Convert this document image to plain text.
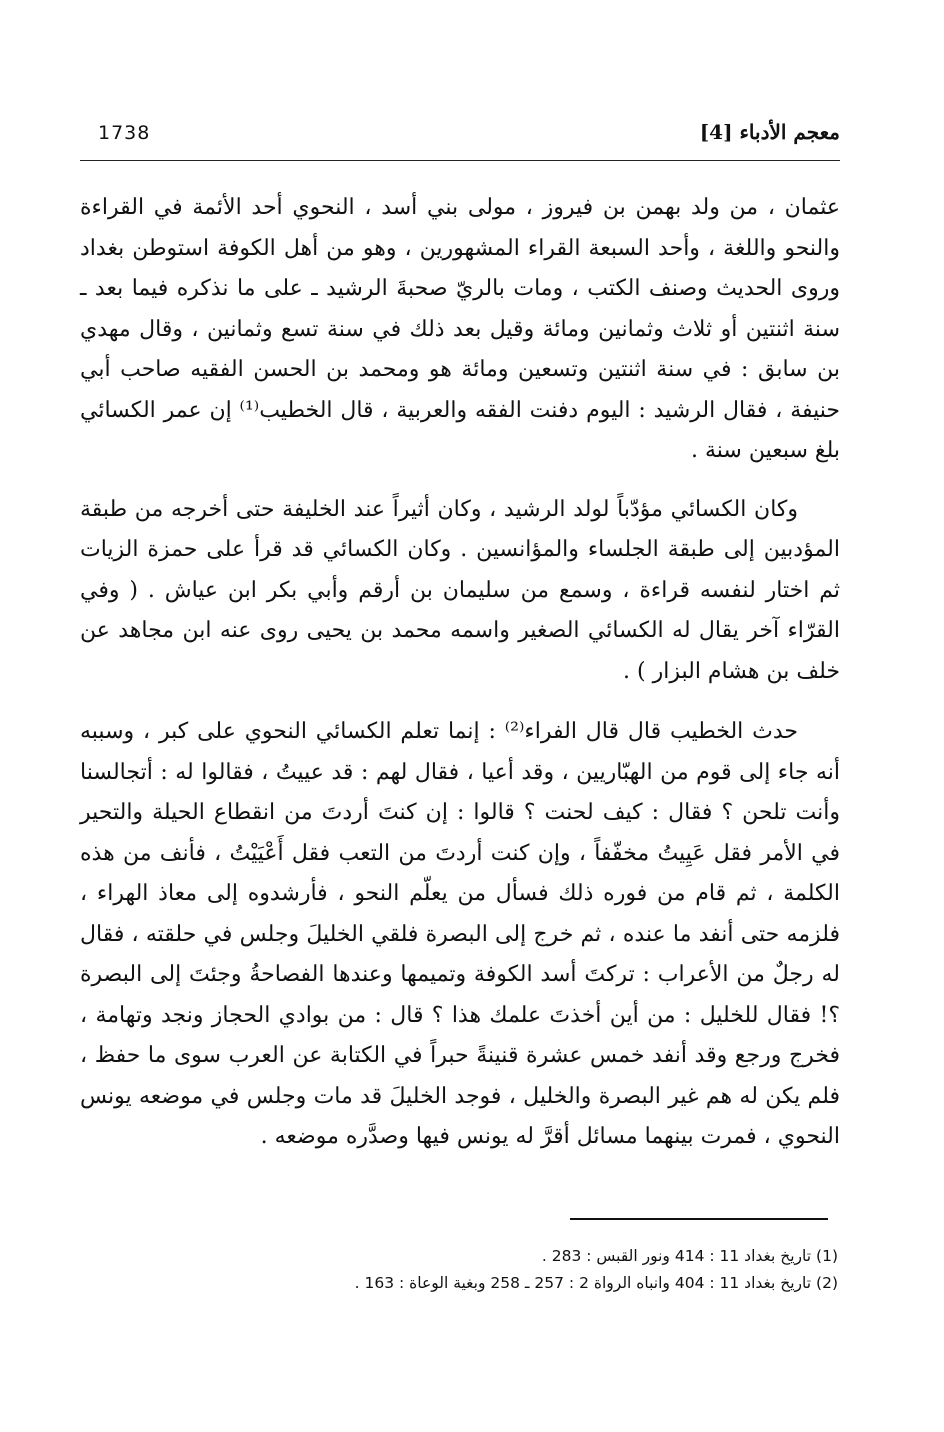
معجم الأدباء [4]
1738

عثمان ، من ولد بهمن بن فيروز ، مولى بني أسد ، النحوي أحد الأئمة في القراءة والنحو واللغة ، وأحد السبعة القراء المشهورين ، وهو من أهل الكوفة استوطن بغداد وروى الحديث وصنف الكتب ، ومات بالريّ صحبةَ الرشيد ـ على ما نذكره فيما بعد ـ سنة اثنتين أو ثلاث وثمانين ومائة وقيل بعد ذلك في سنة تسع وثمانين ، وقال مهدي بن سابق : في سنة اثنتين وتسعين ومائة هو ومحمد بن الحسن الفقيه صاحب أبي حنيفة ، فقال الرشيد : اليوم دفنت الفقه والعربية ، قال الخطيب⁽¹⁾ إن عمر الكسائي بلغ سبعين سنة .

وكان الكسائي مؤدّباً لولد الرشيد ، وكان أثيراً عند الخليفة حتى أخرجه من طبقة المؤدبين إلى طبقة الجلساء والمؤانسين . وكان الكسائي قد قرأ على حمزة الزيات ثم اختار لنفسه قراءة ، وسمع من سليمان بن أرقم وأبي بكر ابن عياش . ( وفي القرّاء آخر يقال له الكسائي الصغير واسمه محمد بن يحيى روى عنه ابن مجاهد عن خلف بن هشام البزار ) .

حدث الخطيب قال قال الفراء⁽²⁾ : إنما تعلم الكسائي النحوي على كبر ، وسببه أنه جاء إلى قوم من الهبّاريين ، وقد أعيا ، فقال لهم : قد عييتُ ، فقالوا له : أتجالسنا وأنت تلحن ؟ فقال : كيف لحنت ؟ قالوا : إن كنتَ أردتَ من انقطاع الحيلة والتحير في الأمر فقل عَيِيتُ مخفّفاً ، وإن كنت أردتَ من التعب فقل أَعْيَيْتُ ، فأنف من هذه الكلمة ، ثم قام من فوره ذلك فسأل من يعلّم النحو ، فأرشدوه إلى معاذ الهراء ، فلزمه حتى أنفد ما عنده ، ثم خرج إلى البصرة فلقي الخليلَ وجلس في حلقته ، فقال له رجلٌ من الأعراب : تركتَ أسد الكوفة وتميمها وعندها الفصاحةُ وجئتَ إلى البصرة ؟! فقال للخليل : من أين أخذتَ علمك هذا ؟ قال : من بوادي الحجاز ونجد وتهامة ، فخرج ورجع وقد أنفد خمس عشرة قنينةً حبراً في الكتابة عن العرب سوى ما حفظ ، فلم يكن له هم غير البصرة والخليل ، فوجد الخليلَ قد مات وجلس في موضعه يونس النحوي ، فمرت بينهما مسائل أقرَّ له يونس فيها وصدَّره موضعه .

(1) تاريخ بغداد 11 : 414 ونور القبس : 283 .

(2) تاريخ بغداد 11 : 404 وانباه الرواة 2 : 257 ـ 258 وبغية الوعاة : 163 .
